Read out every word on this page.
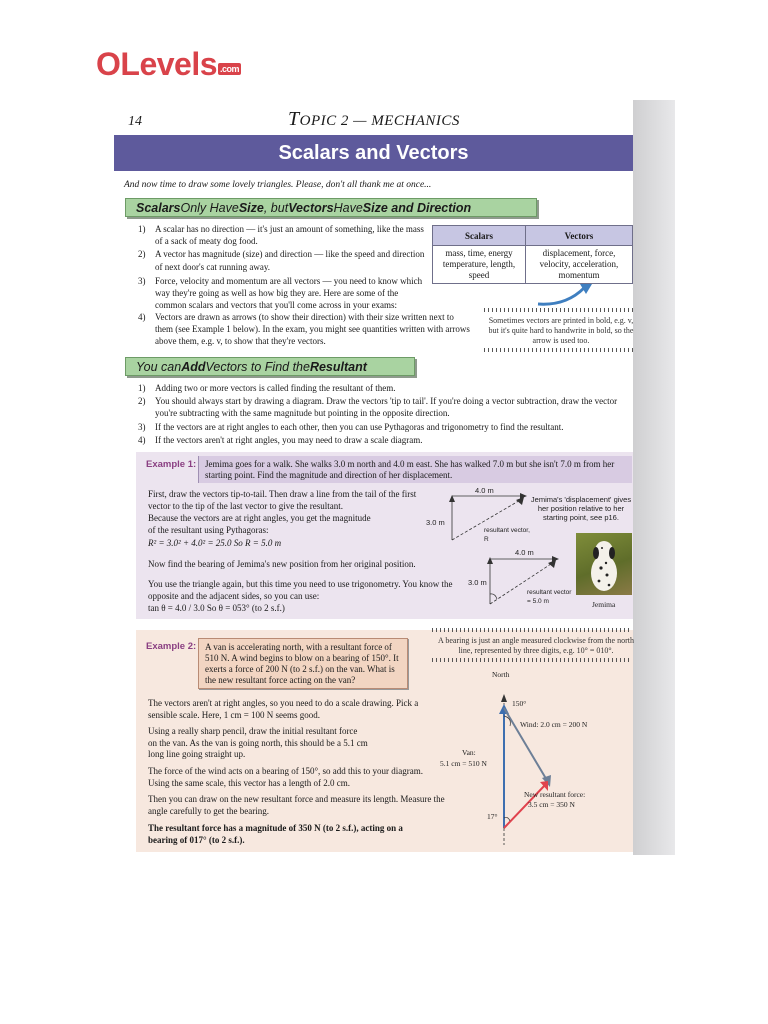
OLevels .com
14	TOPIC 2 — MECHANICS
Scalars and Vectors
And now time to draw some lovely triangles. Please, don't all thank me at once...
Scalars Only Have Size , but Vectors Have Size and Direction
1) A scalar has no direction — it's just an amount of something, like the mass of a sack of meaty dog food.
2) A vector has magnitude (size) and direction — like the speed and direction of next door's cat running away.
3) Force, velocity and momentum are all vectors — you need to know which way they're going as well as how big they are. Here are some of the common scalars and vectors that you'll come across in your exams:
4) Vectors are drawn as arrows (to show their direction) with their size written next to them (see Example 1 below). In the exam, you might see quantities written with arrows above them, e.g. v, to show that they're vectors.
Scalars	Vectors
mass, time, energy temperature, length, speed	displacement, force, velocity, acceleration, momentum
Sometimes vectors are printed in bold, e.g. v, but it's quite hard to handwrite in bold, so the arrow is used too.
You can Add Vectors to Find the Resultant
1) Adding two or more vectors is called finding the resultant of them.
2) You should always start by drawing a diagram. Draw the vectors 'tip to tail'. If you're doing a vector subtraction, draw the vector you're subtracting with the same magnitude but pointing in the opposite direction.
3) If the vectors are at right angles to each other, then you can use Pythagoras and trigonometry to find the resultant.
4) If the vectors aren't at right angles, you may need to draw a scale diagram.
Example 1: Jemima goes for a walk. She walks 3.0 m north and 4.0 m east. She has walked 7.0 m but she isn't 7.0 m from her starting point. Find the magnitude and direction of her displacement.
First, draw the vectors tip-to-tail. Then draw a line from the tail of the first vector to the tip of the last vector to give the resultant.
Because the vectors are at right angles, you get the magnitude of the resultant using Pythagoras:
R² = 3.0² + 4.0² = 25.0 So R = 5.0 m
Now find the bearing of Jemima's new position from her original position.
You use the triangle again, but this time you need to use trigonometry. You know the opposite and the adjacent sides, so you can use:
tan θ = 4.0 / 3.0 So θ = 053° (to 2 s.f.)
4.0 m
3.0 m
resultant vector, R
Jemima's 'displacement' gives her position relative to her starting point, see p16.
4.0 m
3.0 m
resultant vector = 5.0 m	Jemima
Example 2: A van is accelerating north, with a resultant force of 510 N. A wind begins to blow on a bearing of 150°. It exerts a force of 200 N (to 2 s.f.) on the van. What is the new resultant force acting on the van?
A bearing is just an angle measured clockwise from the north line, represented by three digits, e.g. 10° = 010°.
The vectors aren't at right angles, so you need to do a scale drawing. Pick a sensible scale. Here, 1 cm = 100 N seems good.
Using a really sharp pencil, draw the initial resultant force on the van. As the van is going north, this should be a 5.1 cm long line going straight up.
The force of the wind acts on a bearing of 150°, so add this to your diagram. Using the same scale, this vector has a length of 2.0 cm.
Then you can draw on the new resultant force and measure its length. Measure the angle carefully to get the bearing.
The resultant force has a magnitude of 350 N (to 2 s.f.), acting on a bearing of 017° (to 2 s.f.).
North
150°
Wind: 2.0 cm = 200 N
Van:
5.1 cm = 510 N
New resultant force:
3.5 cm = 350 N
17°
